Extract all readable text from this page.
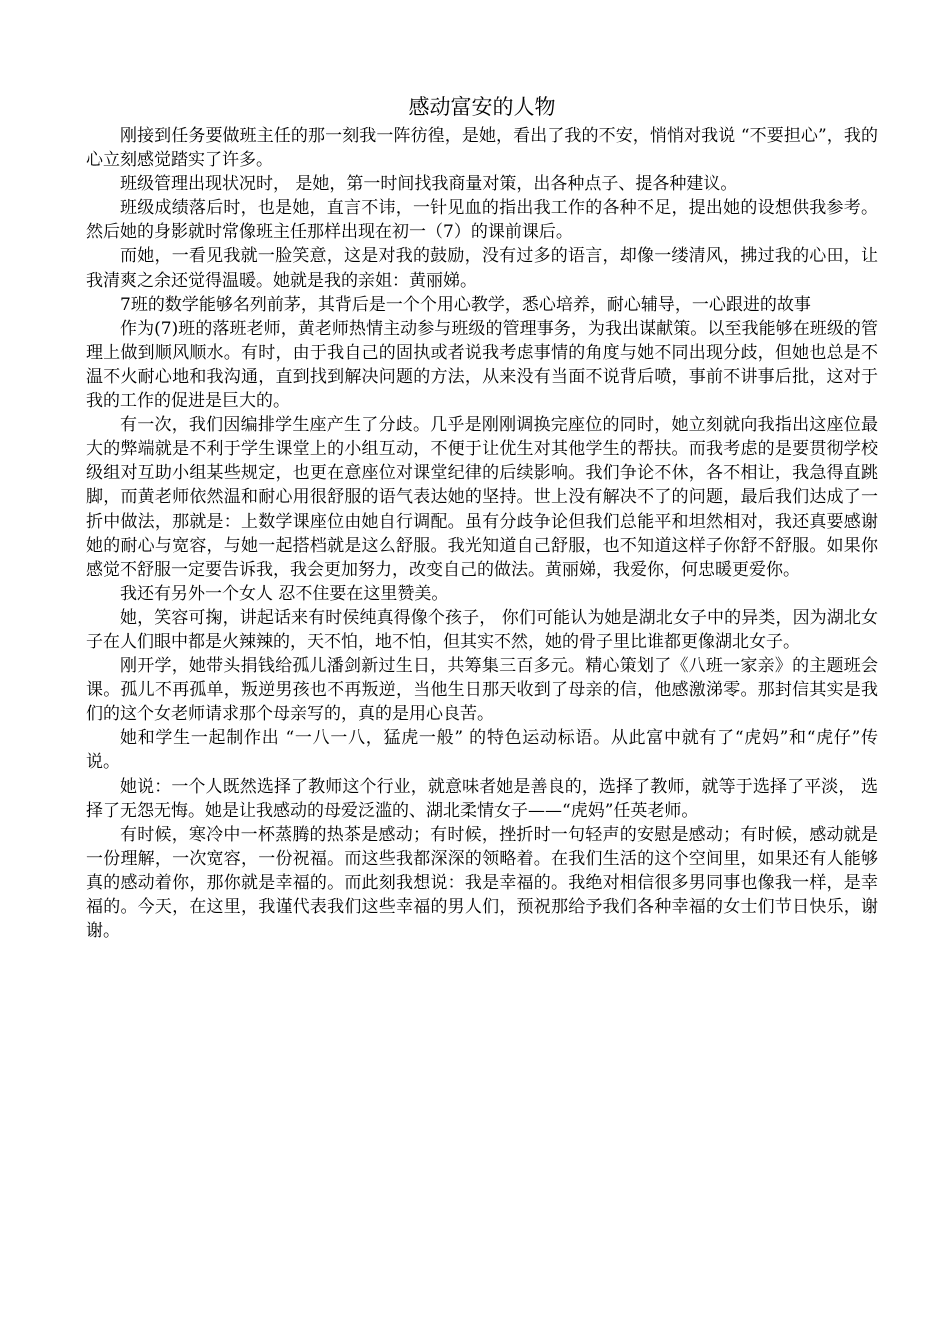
感动富安的人物

刚接到任务要做班主任的那一刻我一阵彷徨，是她，看出了我的不安，悄悄对我说 “不要担心”，我的心立刻感觉踏实了许多。

班级管理出现状况时， 是她，第一时间找我商量对策，出各种点子、提各种建议。

班级成绩落后时，也是她，直言不讳，一针见血的指出我工作的各种不足，提出她的设想供我参考。然后她的身影就时常像班主任那样出现在初一（7）的课前课后。

而她，一看见我就一脸笑意，这是对我的鼓励，没有过多的语言，却像一缕清风，拂过我的心田，让我清爽之余还觉得温暖。她就是我的亲姐：黄丽娣。

7班的数学能够名列前茅，其背后是一个个用心教学，悉心培养，耐心辅导，一心跟进的故事

作为(7)班的落班老师，黄老师热情主动参与班级的管理事务，为我出谋献策。以至我能够在班级的管理上做到顺风顺水。有时，由于我自己的固执或者说我考虑事情的角度与她不同出现分歧，但她也总是不温不火耐心地和我沟通，直到找到解决问题的方法，从来没有当面不说背后喷，事前不讲事后批，这对于我的工作的促进是巨大的。

有一次，我们因编排学生座产生了分歧。几乎是刚刚调换完座位的同时，她立刻就向我指出这座位最大的弊端就是不利于学生课堂上的小组互动，不便于让优生对其他学生的帮扶。而我考虑的是要贯彻学校级组对互助小组某些规定，也更在意座位对课堂纪律的后续影响。我们争论不休，各不相让，我急得直跳脚，而黄老师依然温和耐心用很舒服的语气表达她的坚持。世上没有解决不了的问题，最后我们达成了一折中做法，那就是：上数学课座位由她自行调配。虽有分歧争论但我们总能平和坦然相对，我还真要感谢她的耐心与宽容，与她一起搭档就是这么舒服。我光知道自己舒服，也不知道这样子你舒不舒服。如果你感觉不舒服一定要告诉我，我会更加努力，改变自己的做法。黄丽娣，我爱你，何忠暖更爱你。

我还有另外一个女人 忍不住要在这里赞美。

她，笑容可掬，讲起话来有时侯纯真得像个孩子， 你们可能认为她是湖北女子中的异类，因为湖北女子在人们眼中都是火辣辣的，天不怕，地不怕，但其实不然，她的骨子里比谁都更像湖北女子。

刚开学，她带头捐钱给孤儿潘剑新过生日，共筹集三百多元。精心策划了《八班一家亲》的主题班会课。孤儿不再孤单，叛逆男孩也不再叛逆，当他生日那天收到了母亲的信，他感激涕零。那封信其实是我们的这个女老师请求那个母亲写的，真的是用心良苦。

她和学生一起制作出 “一八一八，猛虎一般” 的特色运动标语。从此富中就有了“虎妈”和“虎仔”传说。

她说：一个人既然选择了教师这个行业，就意味者她是善良的，选择了教师，就等于选择了平淡， 选择了无怨无悔。她是让我感动的母爱泛滥的、湖北柔情女子——“虎妈”任英老师。

有时候，寒冷中一杯蒸腾的热茶是感动；有时候，挫折时一句轻声的安慰是感动；有时候，感动就是一份理解，一次宽容，一份祝福。而这些我都深深的领略着。在我们生活的这个空间里，如果还有人能够真的感动着你，那你就是幸福的。而此刻我想说：我是幸福的。我绝对相信很多男同事也像我一样，是幸福的。今天，在这里，我谨代表我们这些幸福的男人们，预祝那给予我们各种幸福的女士们节日快乐，谢谢。
